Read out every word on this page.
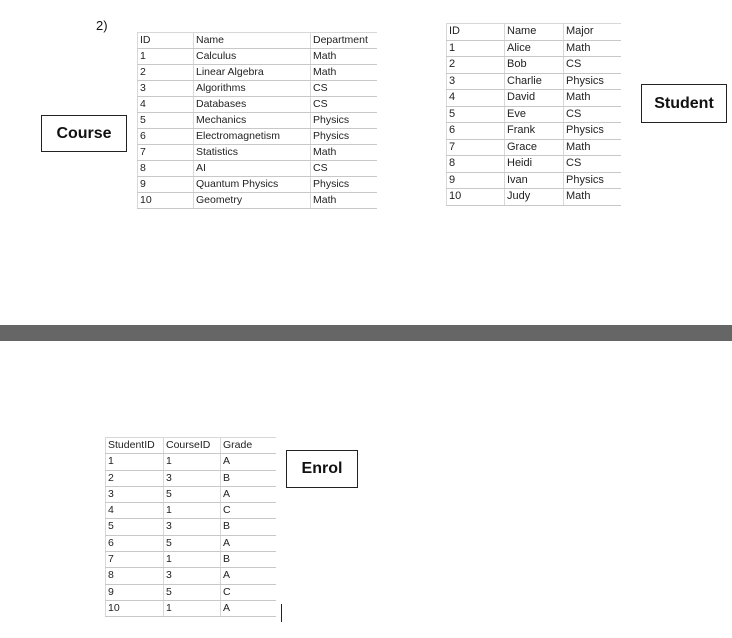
2)
ID	Name	Department
1	Calculus	Math
2	Linear Algebra	Math
3	Algorithms	CS
4	Databases	CS
5	Mechanics	Physics
6	Electromagnetism	Physics
7	Statistics	Math
8	AI	CS
9	Quantum Physics	Physics
10	Geometry	Math
Course
ID	Name	Major
1	Alice	Math
2	Bob	CS
3	Charlie	Physics
4	David	Math
5	Eve	CS
6	Frank	Physics
7	Grace	Math
8	Heidi	CS
9	Ivan	Physics
10	Judy	Math
Student
StudentID	CourseID	Grade
1	1	A
2	3	B
3	5	A
4	1	C
5	3	B
6	5	A
7	1	B
8	3	A
9	5	C
10	1	A
Enrol
